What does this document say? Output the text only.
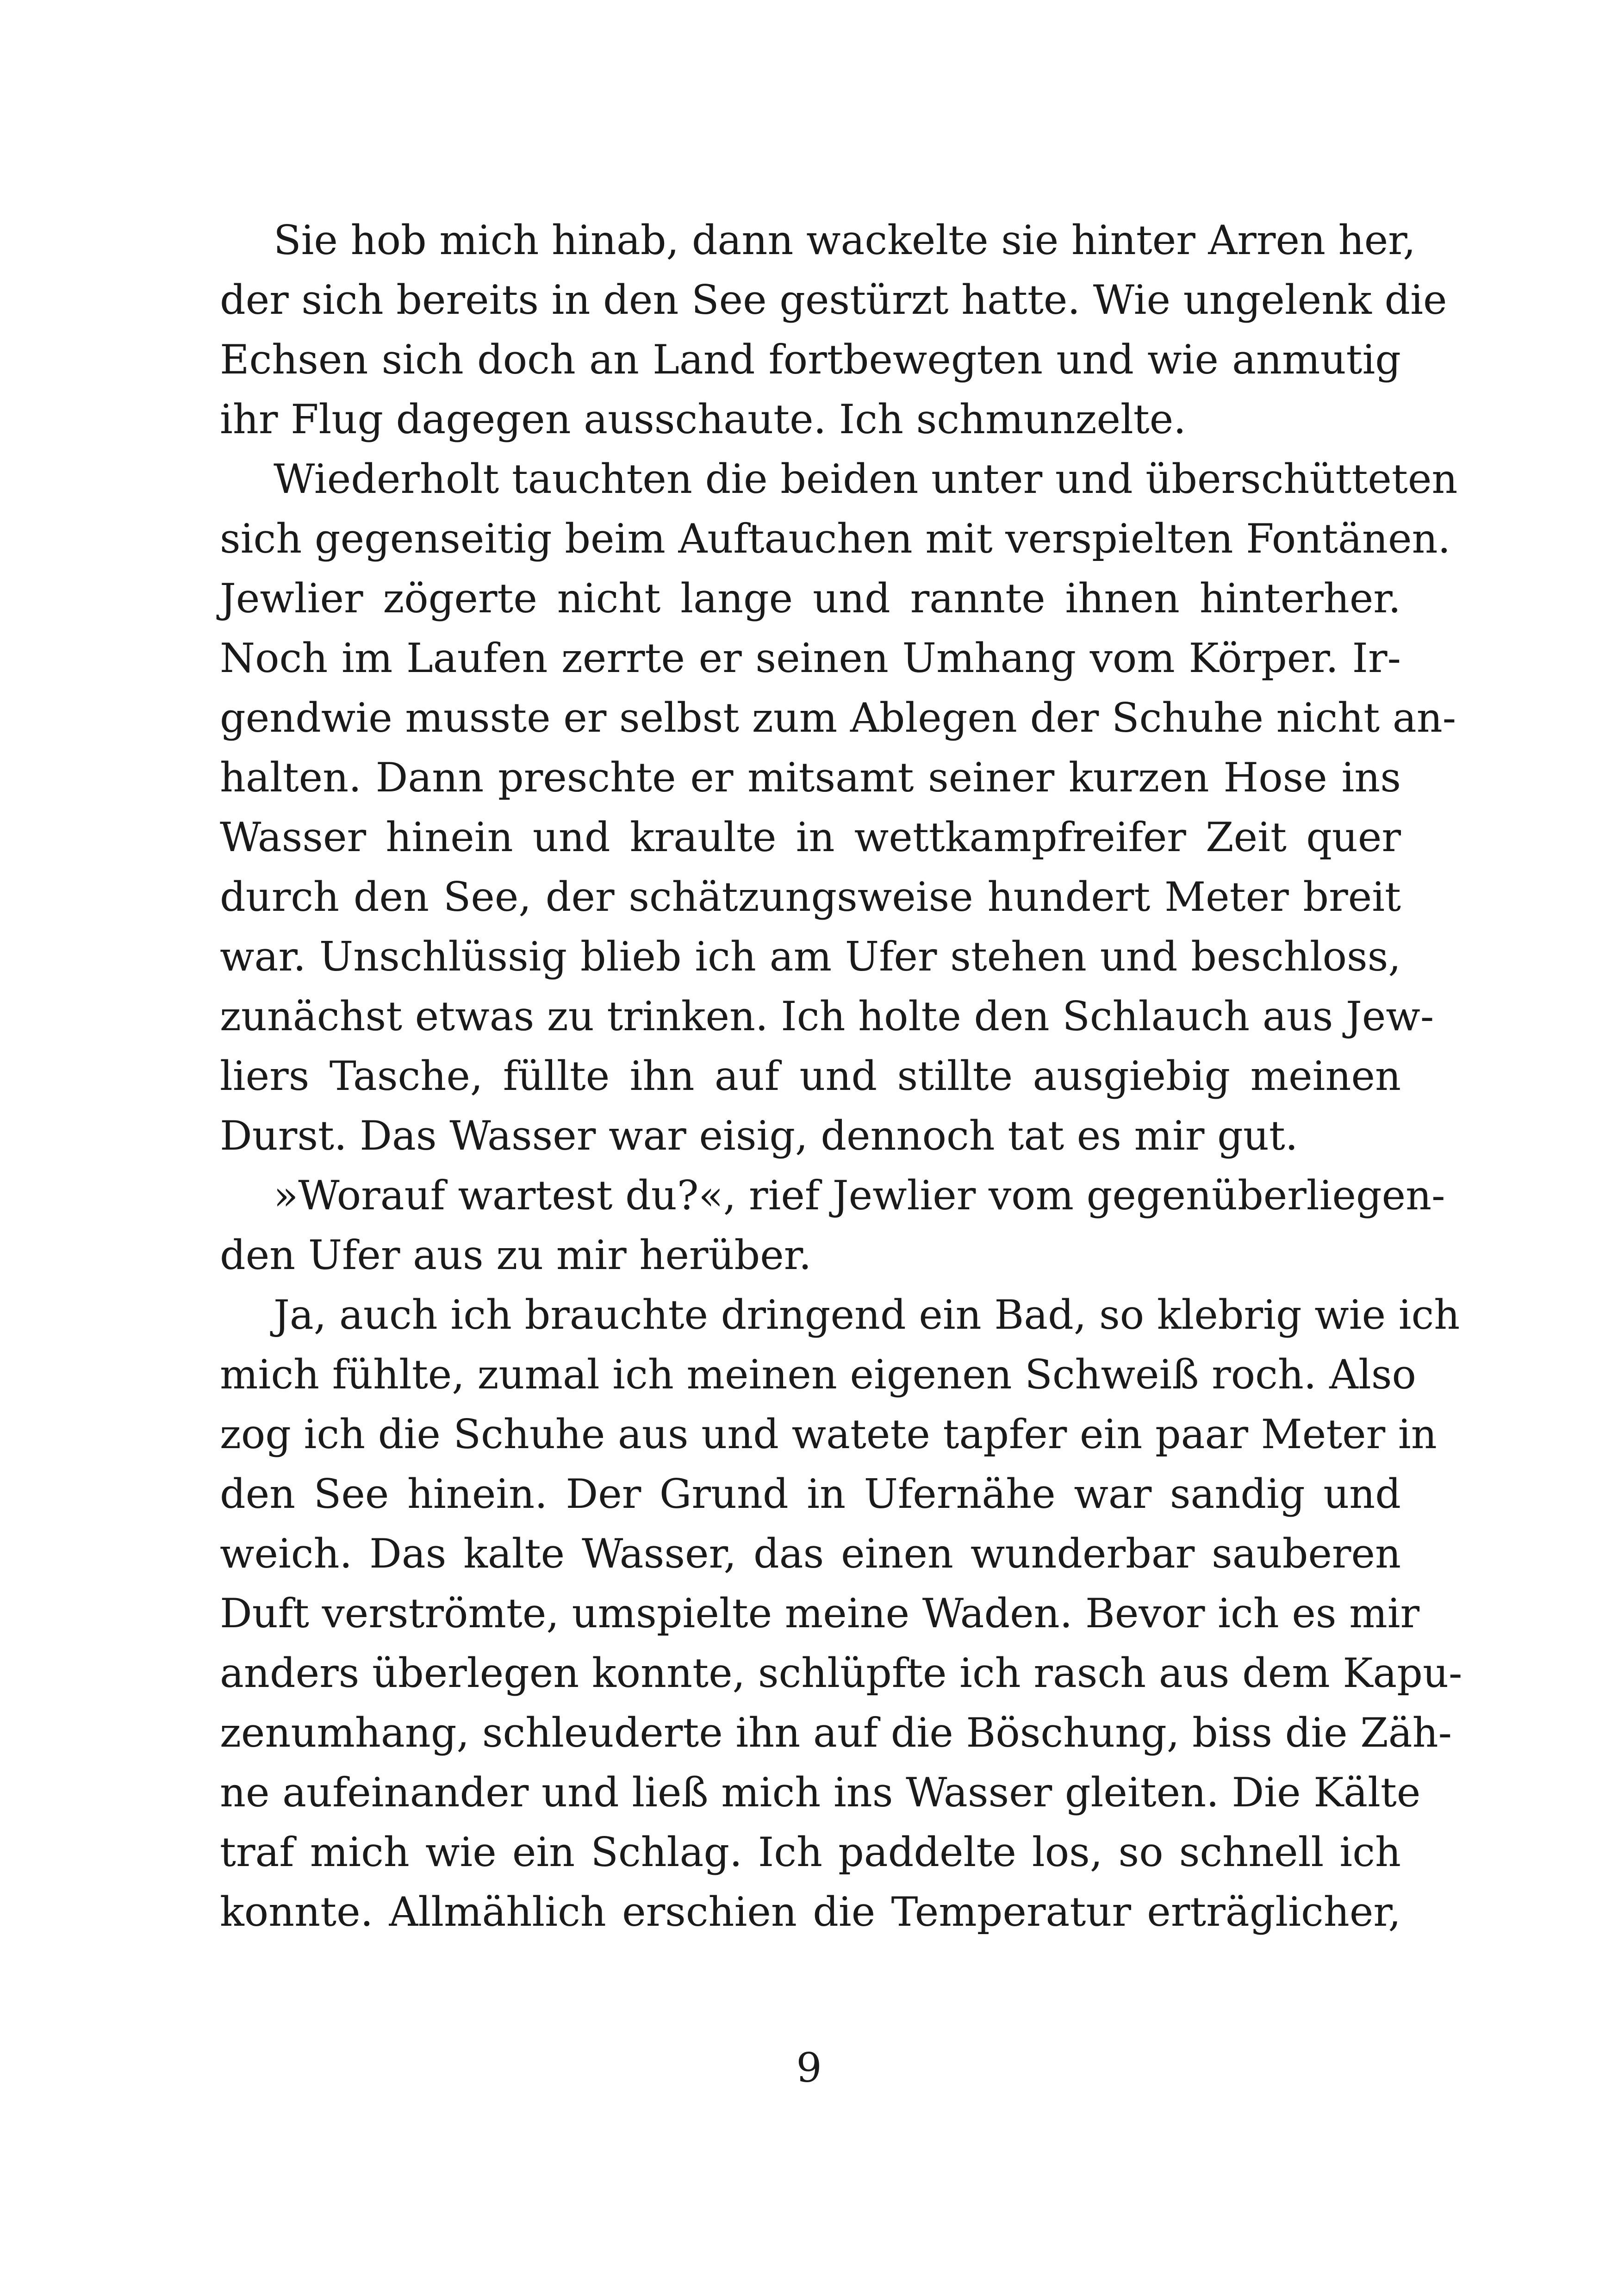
Sie hob mich hinab, dann wackelte sie hinter Arren her,
der sich bereits in den See gestürzt hatte. Wie ungelenk die
Echsen sich doch an Land fortbewegten und wie anmutig
ihr Flug dagegen ausschaute. Ich schmunzelte.
Wiederholt tauchten die beiden unter und überschütteten
sich gegenseitig beim Auftauchen mit verspielten Fontänen.
Jewlier zögerte nicht lange und rannte ihnen hinterher.
Noch im Laufen zerrte er seinen Umhang vom Körper. Ir-
gendwie musste er selbst zum Ablegen der Schuhe nicht an-
halten. Dann preschte er mitsamt seiner kurzen Hose ins
Wasser hinein und kraulte in wettkampfreifer Zeit quer
durch den See, der schätzungsweise hundert Meter breit
war. Unschlüssig blieb ich am Ufer stehen und beschloss,
zunächst etwas zu trinken. Ich holte den Schlauch aus Jew-
liers Tasche, füllte ihn auf und stillte ausgiebig meinen
Durst. Das Wasser war eisig, dennoch tat es mir gut.
»Worauf wartest du?«, rief Jewlier vom gegenüberliegen-
den Ufer aus zu mir herüber.
Ja, auch ich brauchte dringend ein Bad, so klebrig wie ich
mich fühlte, zumal ich meinen eigenen Schweiß roch. Also
zog ich die Schuhe aus und watete tapfer ein paar Meter in
den See hinein. Der Grund in Ufernähe war sandig und
weich. Das kalte Wasser, das einen wunderbar sauberen
Duft verströmte, umspielte meine Waden. Bevor ich es mir
anders überlegen konnte, schlüpfte ich rasch aus dem Kapu-
zenumhang, schleuderte ihn auf die Böschung, biss die Zäh-
ne aufeinander und ließ mich ins Wasser gleiten. Die Kälte
traf mich wie ein Schlag. Ich paddelte los, so schnell ich
konnte. Allmählich erschien die Temperatur erträglicher,
9
